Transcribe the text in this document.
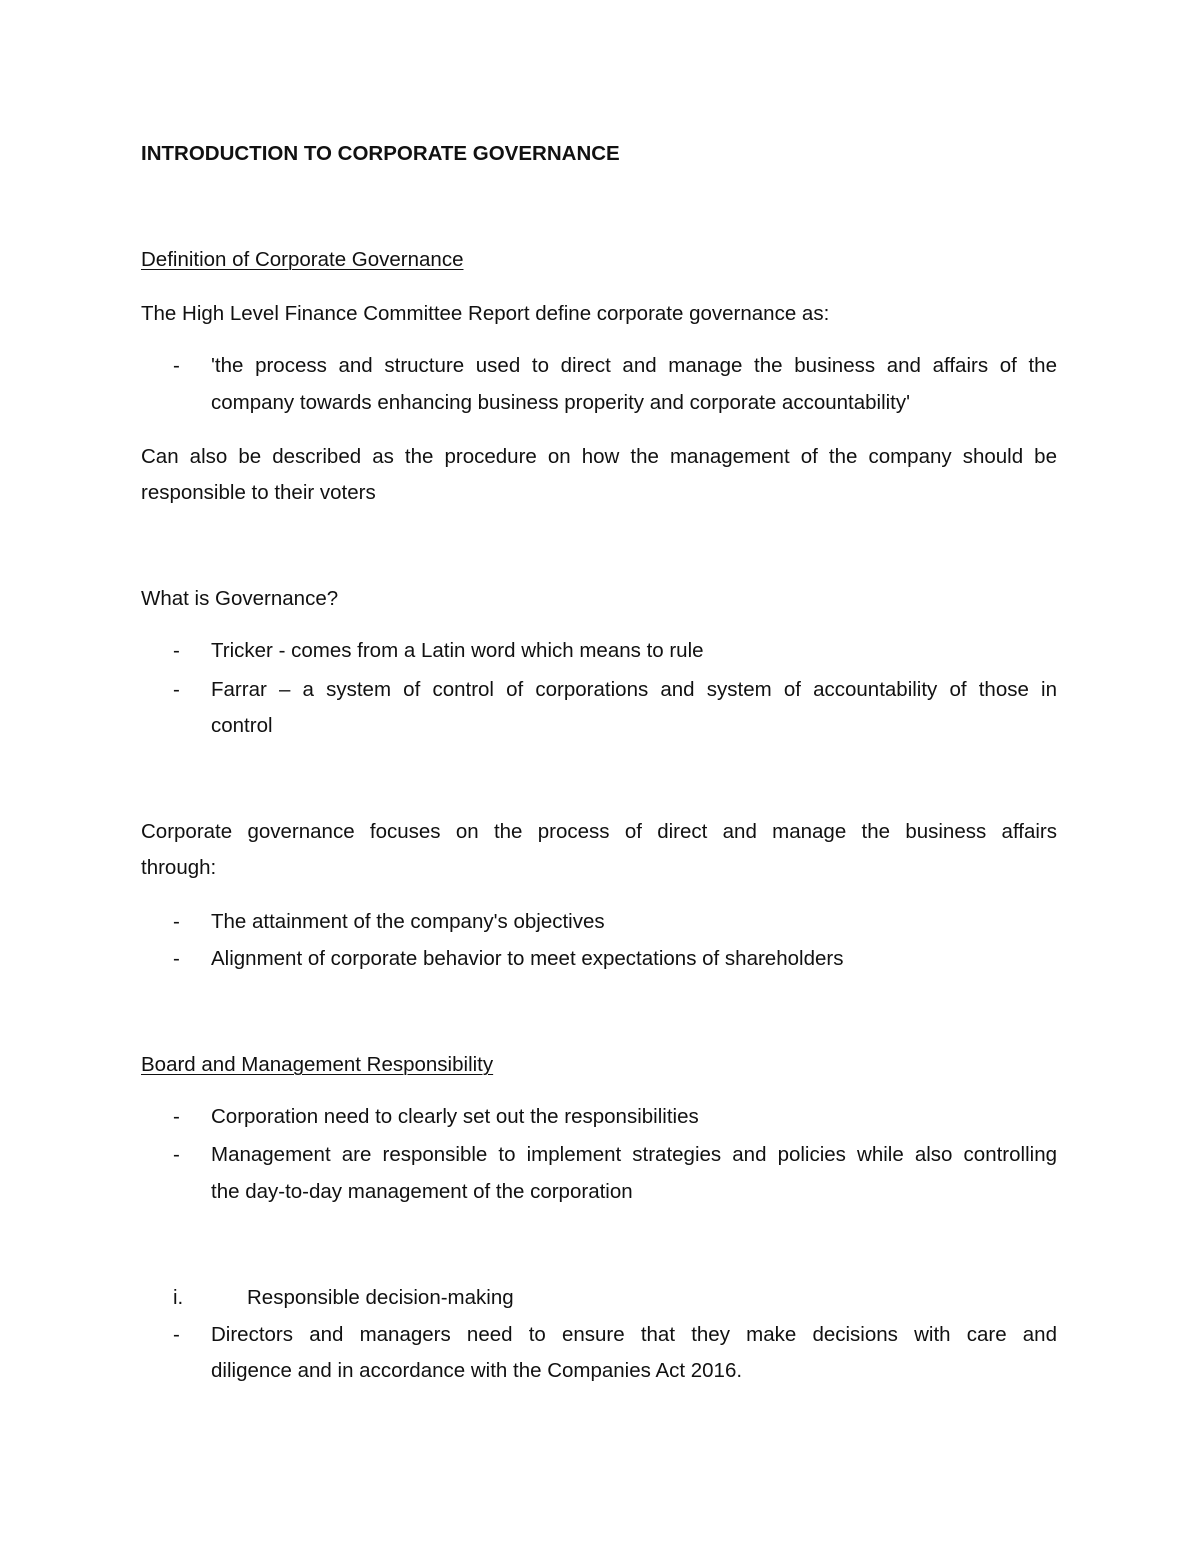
INTRODUCTION TO CORPORATE GOVERNANCE
Definition of Corporate Governance
The High Level Finance Committee Report define corporate governance as:
- 'the process and structure used to direct and manage the business and affairs of the
company towards enhancing business properity and corporate accountability'
Can also be described as the procedure on how the management of the company should be
responsible to their voters
What is Governance?
- Tricker - comes from a Latin word which means to rule
- Farrar – a system of control of corporations and system of accountability of those in
control
Corporate governance focuses on the process of direct and manage the business affairs
through:
- The attainment of the company's objectives
- Alignment of corporate behavior to meet expectations of shareholders
Board and Management Responsibility
- Corporation need to clearly set out the responsibilities
- Management are responsible to implement strategies and policies while also controlling
the day-to-day management of the corporation
i.	Responsible decision-making
- Directors and managers need to ensure that they make decisions with care and
diligence and in accordance with the Companies Act 2016.
